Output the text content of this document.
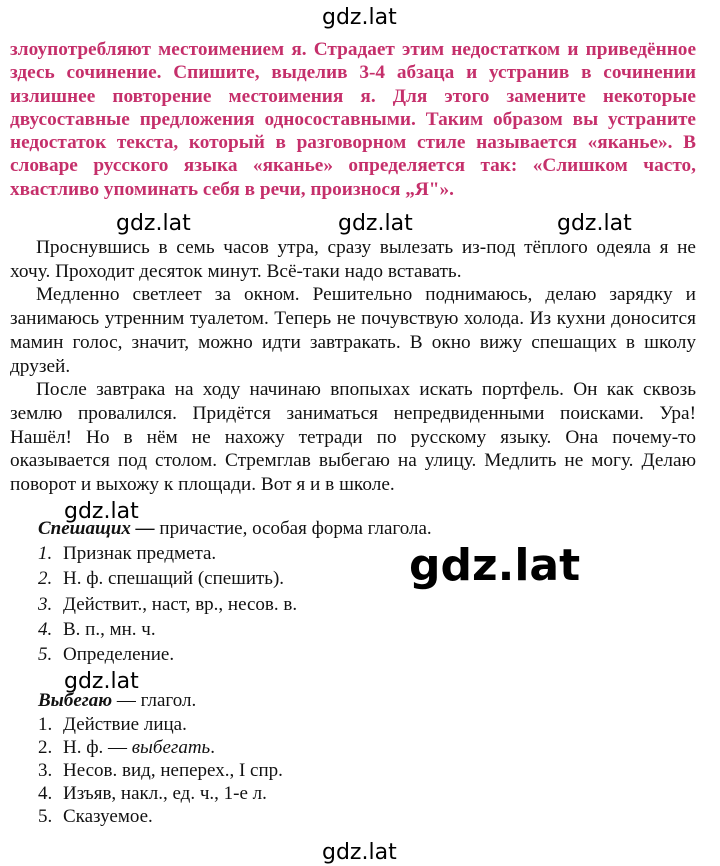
gdz.lat
gdz.lat	gdz.lat	gdz.lat
gdz.lat
gdz.lat
gdz.lat
gdz.lat
злоупотребляют местоимением я. Страдает этим недостатком и приведённое здесь сочинение. Спишите, выделив 3-4 абзаца и устранив в сочинении излишнее повторение местоимения я. Для этого замените некоторые двусоставные предложения односоставными. Таким образом вы устраните недостаток текста, который в разговорном стиле называется «яканье». В словаре русского языка «яканье» определяется так: «Слишком часто, хвастливо упоминать себя в речи, произнося „Я"».

Проснувшись в семь часов утра, сразу вылезать из-под тёплого одеяла я не хочу. Проходит десяток минут. Всё-таки надо вставать.

Медленно светлеет за окном. Решительно поднимаюсь, делаю зарядку и занимаюсь утренним туалетом. Теперь не почувствую холода. Из кухни доносится мамин голос, значит, можно идти завтракать. В окно вижу спешащих в школу друзей.

После завтрака на ходу начинаю впопыхах искать портфель. Он как сквозь землю провалился. Придётся заниматься непредвиденными поисками. Ура! Нашёл! Но в нём не нахожу тетради по русскому языку. Она почему-то оказывается под столом. Стремглав выбегаю на улицу. Медлить не могу. Делаю поворот и выхожу к площади. Вот я и в школе.

Спешащих — причастие, особая форма глагола.
1. Признак предмета.
2. Н. ф. спешащий (спешить).
3. Действит., наст, вр., несов. в.
4. В. п., мн. ч.
5. Определение.
Выбегаю — глагол.
1. Действие лица.
2. Н. ф. — выбегать.
3. Несов. вид, неперех., I спр.
4. Изъяв, накл., ед. ч., 1-е л.
5. Сказуемое.
